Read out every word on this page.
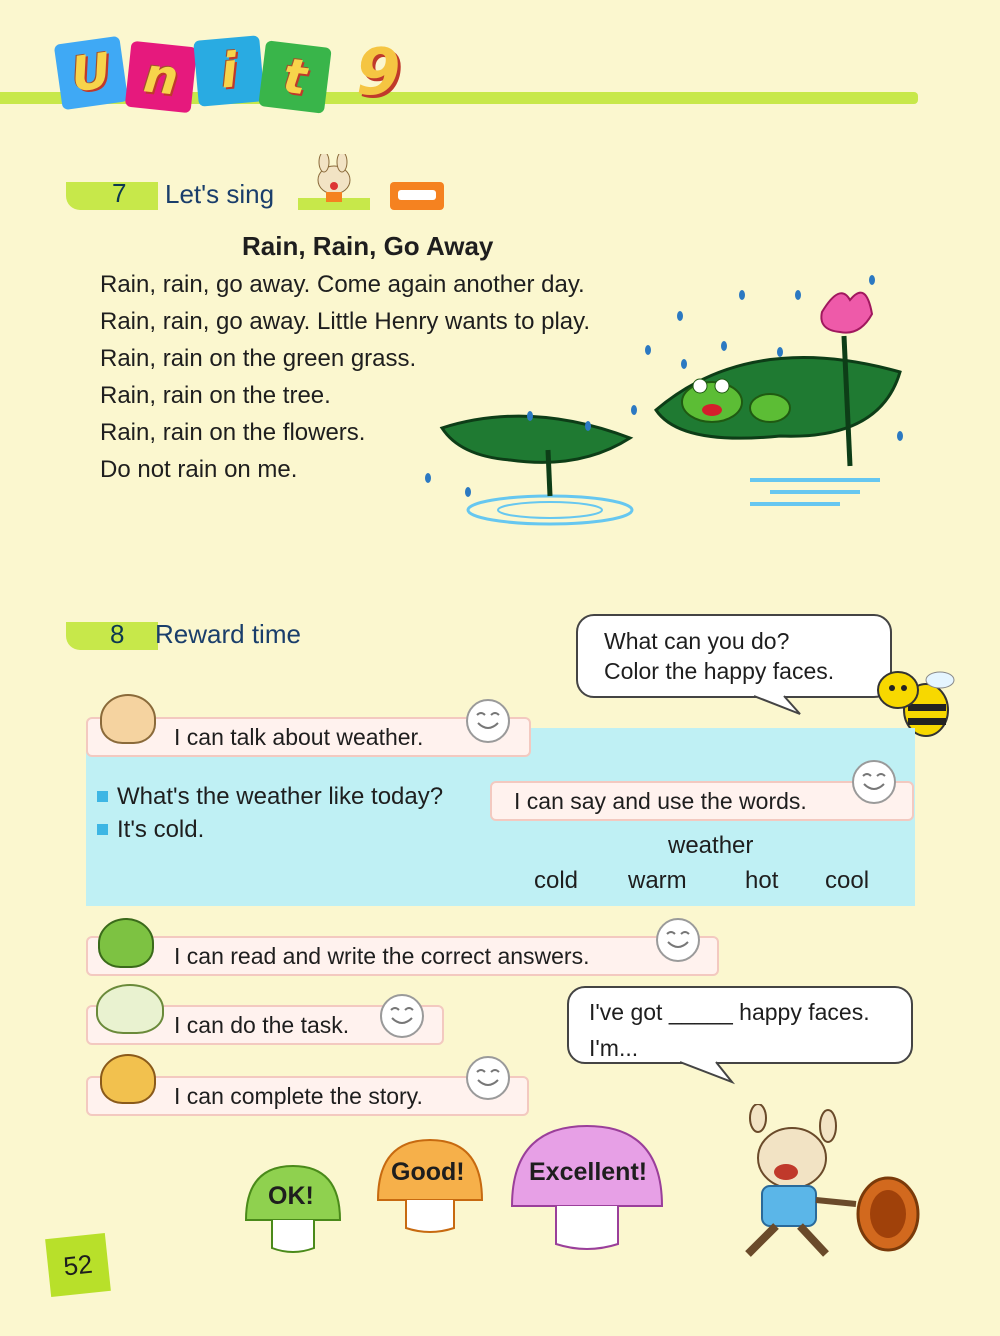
U n i t 9
7 Let's sing
Rain, Rain, Go Away
Rain, rain, go away. Come again another day.
Rain, rain, go away. Little Henry wants to play.
Rain, rain on the green grass.
Rain, rain on the tree.
Rain, rain on the flowers.
Do not rain on me.
8 Reward time	What can you do?
Color the happy faces.
I can talk about weather.
What's the weather like today?
It's cold.
I can say and use the words.
weather
cold warm hot cool
I can read and write the correct answers.
I can do the task.
I can complete the story.
I've got _____ happy faces.
I'm...
OK!
Good!	Excellent!
52
